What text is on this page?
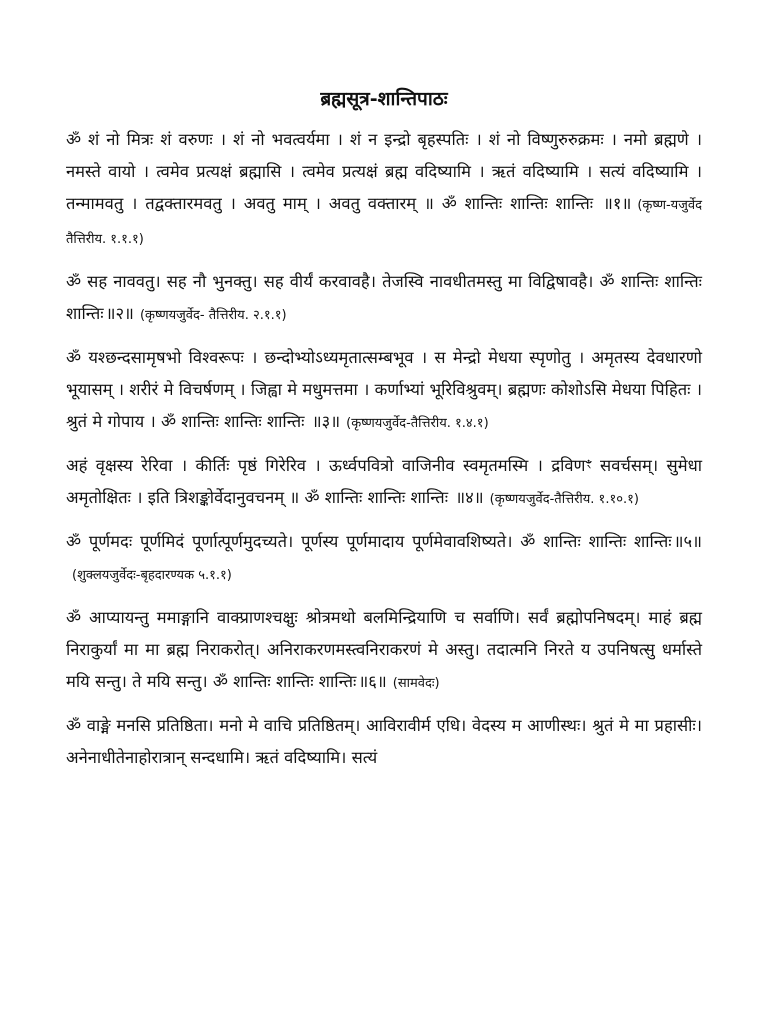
ब्रह्मसूत्र-शान्तिपाठः

ॐ शं नो मित्रः शं वरुणः । शं नो भवत्वर्यमा । शं न इन्द्रो बृहस्पतिः । शं नो विष्णुरुरुक्रमः । नमो ब्रह्मणे । नमस्ते वायो । त्वमेव प्रत्यक्षं ब्रह्मासि । त्वमेव प्रत्यक्षं ब्रह्म वदिष्यामि । ऋतं वदिष्यामि । सत्यं वदिष्यामि । तन्मामवतु । तद्वक्तारमवतु । अवतु माम् । अवतु वक्तारम् ॥ ॐ शान्तिः शान्तिः शान्तिः ॥१॥ (कृष्ण-यजुर्वेद तैत्तिरीय. १.१.१)

ॐ सह नाववतु। सह नौ भुनक्तु। सह वीर्यं करवावहै। तेजस्वि नावधीतमस्तु मा विद्विषावहै। ॐ शान्तिः शान्तिः शान्तिः ॥२॥ (कृष्णयजुर्वेद- तैत्तिरीय. २.१.१)

ॐ यश्छन्दसामृषभो विश्वरूपः । छन्दोभ्योऽध्यमृतात्सम्बभूव । स मेन्द्रो मेधया स्पृणोतु । अमृतस्य देवधारणो भूयासम् । शरीरं मे विचर्षणम् । जिह्वा मे मधुमत्तमा । कर्णाभ्यां भूरिविश्रुवम्। ब्रह्मणः कोशोऽसि मेधया पिहितः । श्रुतं मे गोपाय । ॐ शान्तिः शान्तिः शान्तिः ॥३॥ (कृष्णयजुर्वेद-तैत्तिरीय. १.४.१)

अहं वृक्षस्य रेरिवा । कीर्तिः पृष्ठं गिरेरिव । ऊर्ध्वपवित्रो वाजिनीव स्वमृतमस्मि । द्रविणꣳ सवर्चसम्। सुमेधा अमृतोक्षितः । इति त्रिशङ्कोर्वेदानुवचनम् ॥ ॐ शान्तिः शान्तिः शान्तिः ॥४॥ (कृष्णयजुर्वेद-तैत्तिरीय. १.१०.१)

ॐ पूर्णमदः पूर्णमिदं पूर्णात्पूर्णमुदच्यते। पूर्णस्य पूर्णमादाय पूर्णमेवावशिष्यते। ॐ शान्तिः शान्तिः शान्तिः ॥५॥(शुक्लयजुर्वेदः-बृहदारण्यक ५.१.१)

ॐ आप्यायन्तु ममाङ्गानि वाक्प्राणश्चक्षुः श्रोत्रमथो बलमिन्द्रियाणि च सर्वाणि। सर्वं ब्रह्मोपनिषदम्। माहं ब्रह्म निराकुर्यां मा मा ब्रह्म निराकरोत्। अनिराकरणमस्त्वनिराकरणं मे अस्तु। तदात्मनि निरते य उपनिषत्सु धर्मास्ते मयि सन्तु। ते मयि सन्तु। ॐ शान्तिः शान्तिः शान्तिः ॥६॥ (सामवेदः)

ॐ वाङ्मे मनसि प्रतिष्ठिता। मनो मे वाचि प्रतिष्ठितम्। आविरावीर्म एधि। वेदस्य म आणीस्थः। श्रुतं मे मा प्रहासीः। अनेनाधीतेनाहोरात्रान् सन्दधामि। ऋतं वदिष्यामि। सत्यं
